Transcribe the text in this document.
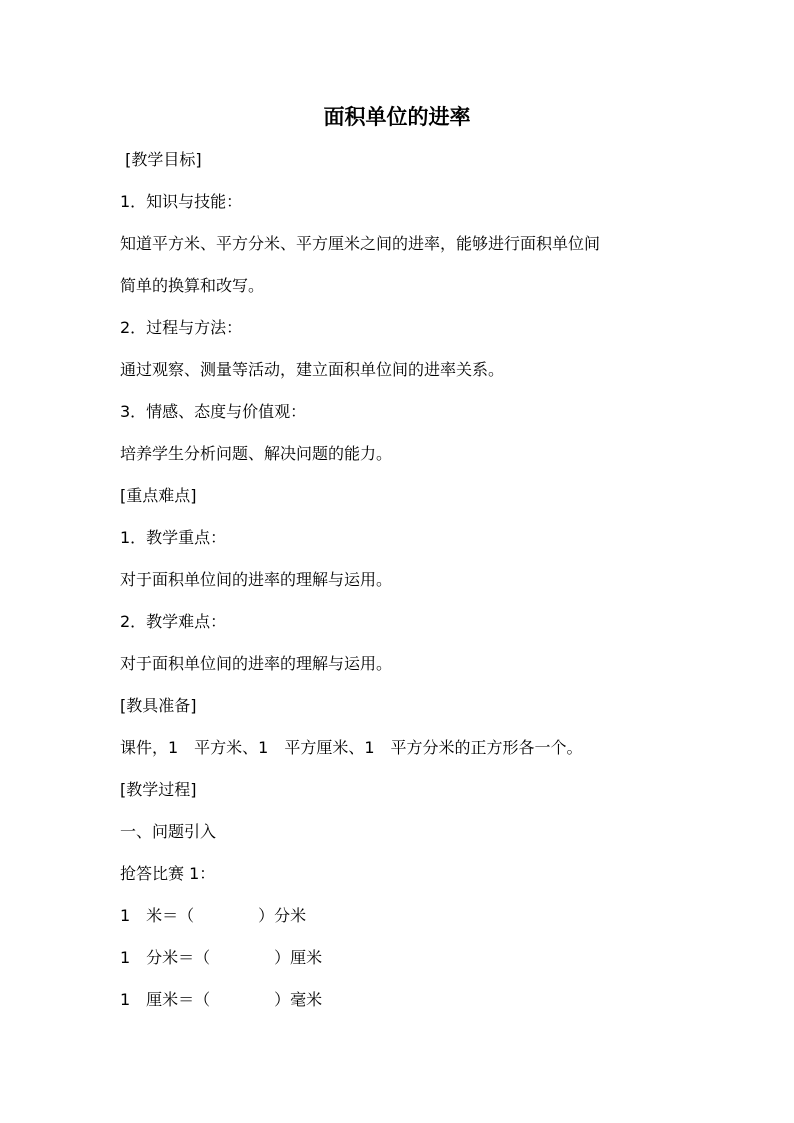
面积单位的进率
[教学目标]
1．知识与技能：
知道平方米、平方分米、平方厘米之间的进率，能够进行面积单位间
简单的换算和改写。
2．过程与方法：
通过观察、测量等活动，建立面积单位间的进率关系。
3．情感、态度与价值观：
培养学生分析问题、解决问题的能力。
[重点难点]
1．教学重点：
对于面积单位间的进率的理解与运用。
2．教学难点：
对于面积单位间的进率的理解与运用。
[教具准备]
课件，1　平方米、1　平方厘米、1　平方分米的正方形各一个。
[教学过程]
一、问题引入
抢答比赛 1：
1　米＝（　　　　）分米
1　分米＝（　　　　）厘米
1　厘米＝（　　　　）毫米
